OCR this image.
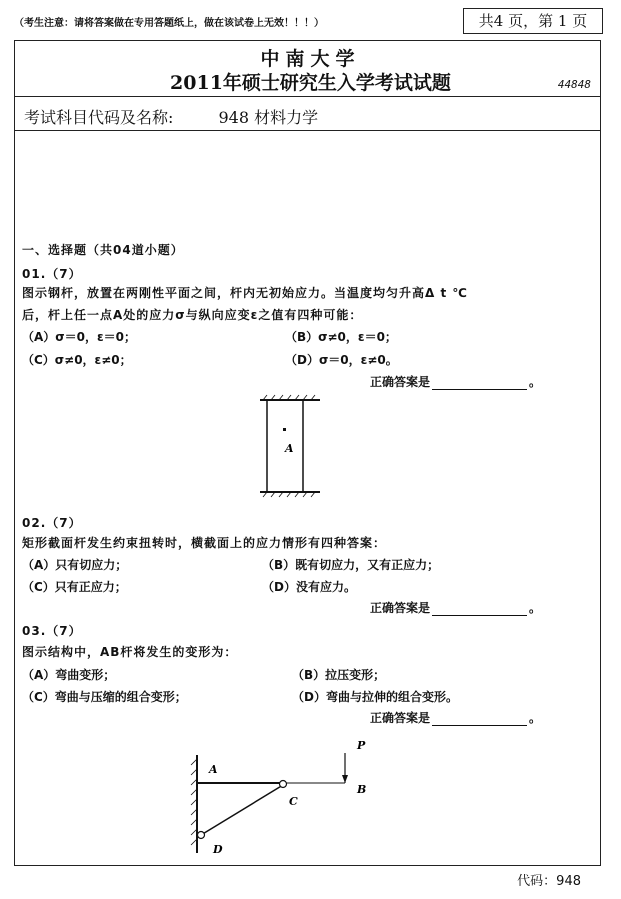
（考生注意：请将答案做在专用答题纸上，做在该试卷上无效！！！）	共4 页，第 1 页
中南大学
2011年硕士研究生入学考试试题	44848
考试科目代码及名称:	948 材料力学
一、选择题（共04道小题）
01.（7）
图示钢杆，放置在两刚性平面之间，杆内无初始应力。当温度均匀升高Δ t ℃
后，杆上任一点A处的应力σ与纵向应变ε之值有四种可能：
（A）σ＝0，ε＝0；	（B）σ≠0，ε＝0；
（C）σ≠0，ε≠0；	（D）σ＝0，ε≠0。
正确答案是	。
A
02.（7）
矩形截面杆发生约束扭转时，横截面上的应力情形有四种答案：
（A）只有切应力；	（B）既有切应力，又有正应力；
（C）只有正应力；	（D）没有应力。
正确答案是	。
03.（7）
图示结构中，AB杆将发生的变形为：
（A）弯曲变形；	（B）拉压变形；
（C）弯曲与压缩的组合变形；	（D）弯曲与拉伸的组合变形。
正确答案是	。
A
B
C
D
P
代码：948
